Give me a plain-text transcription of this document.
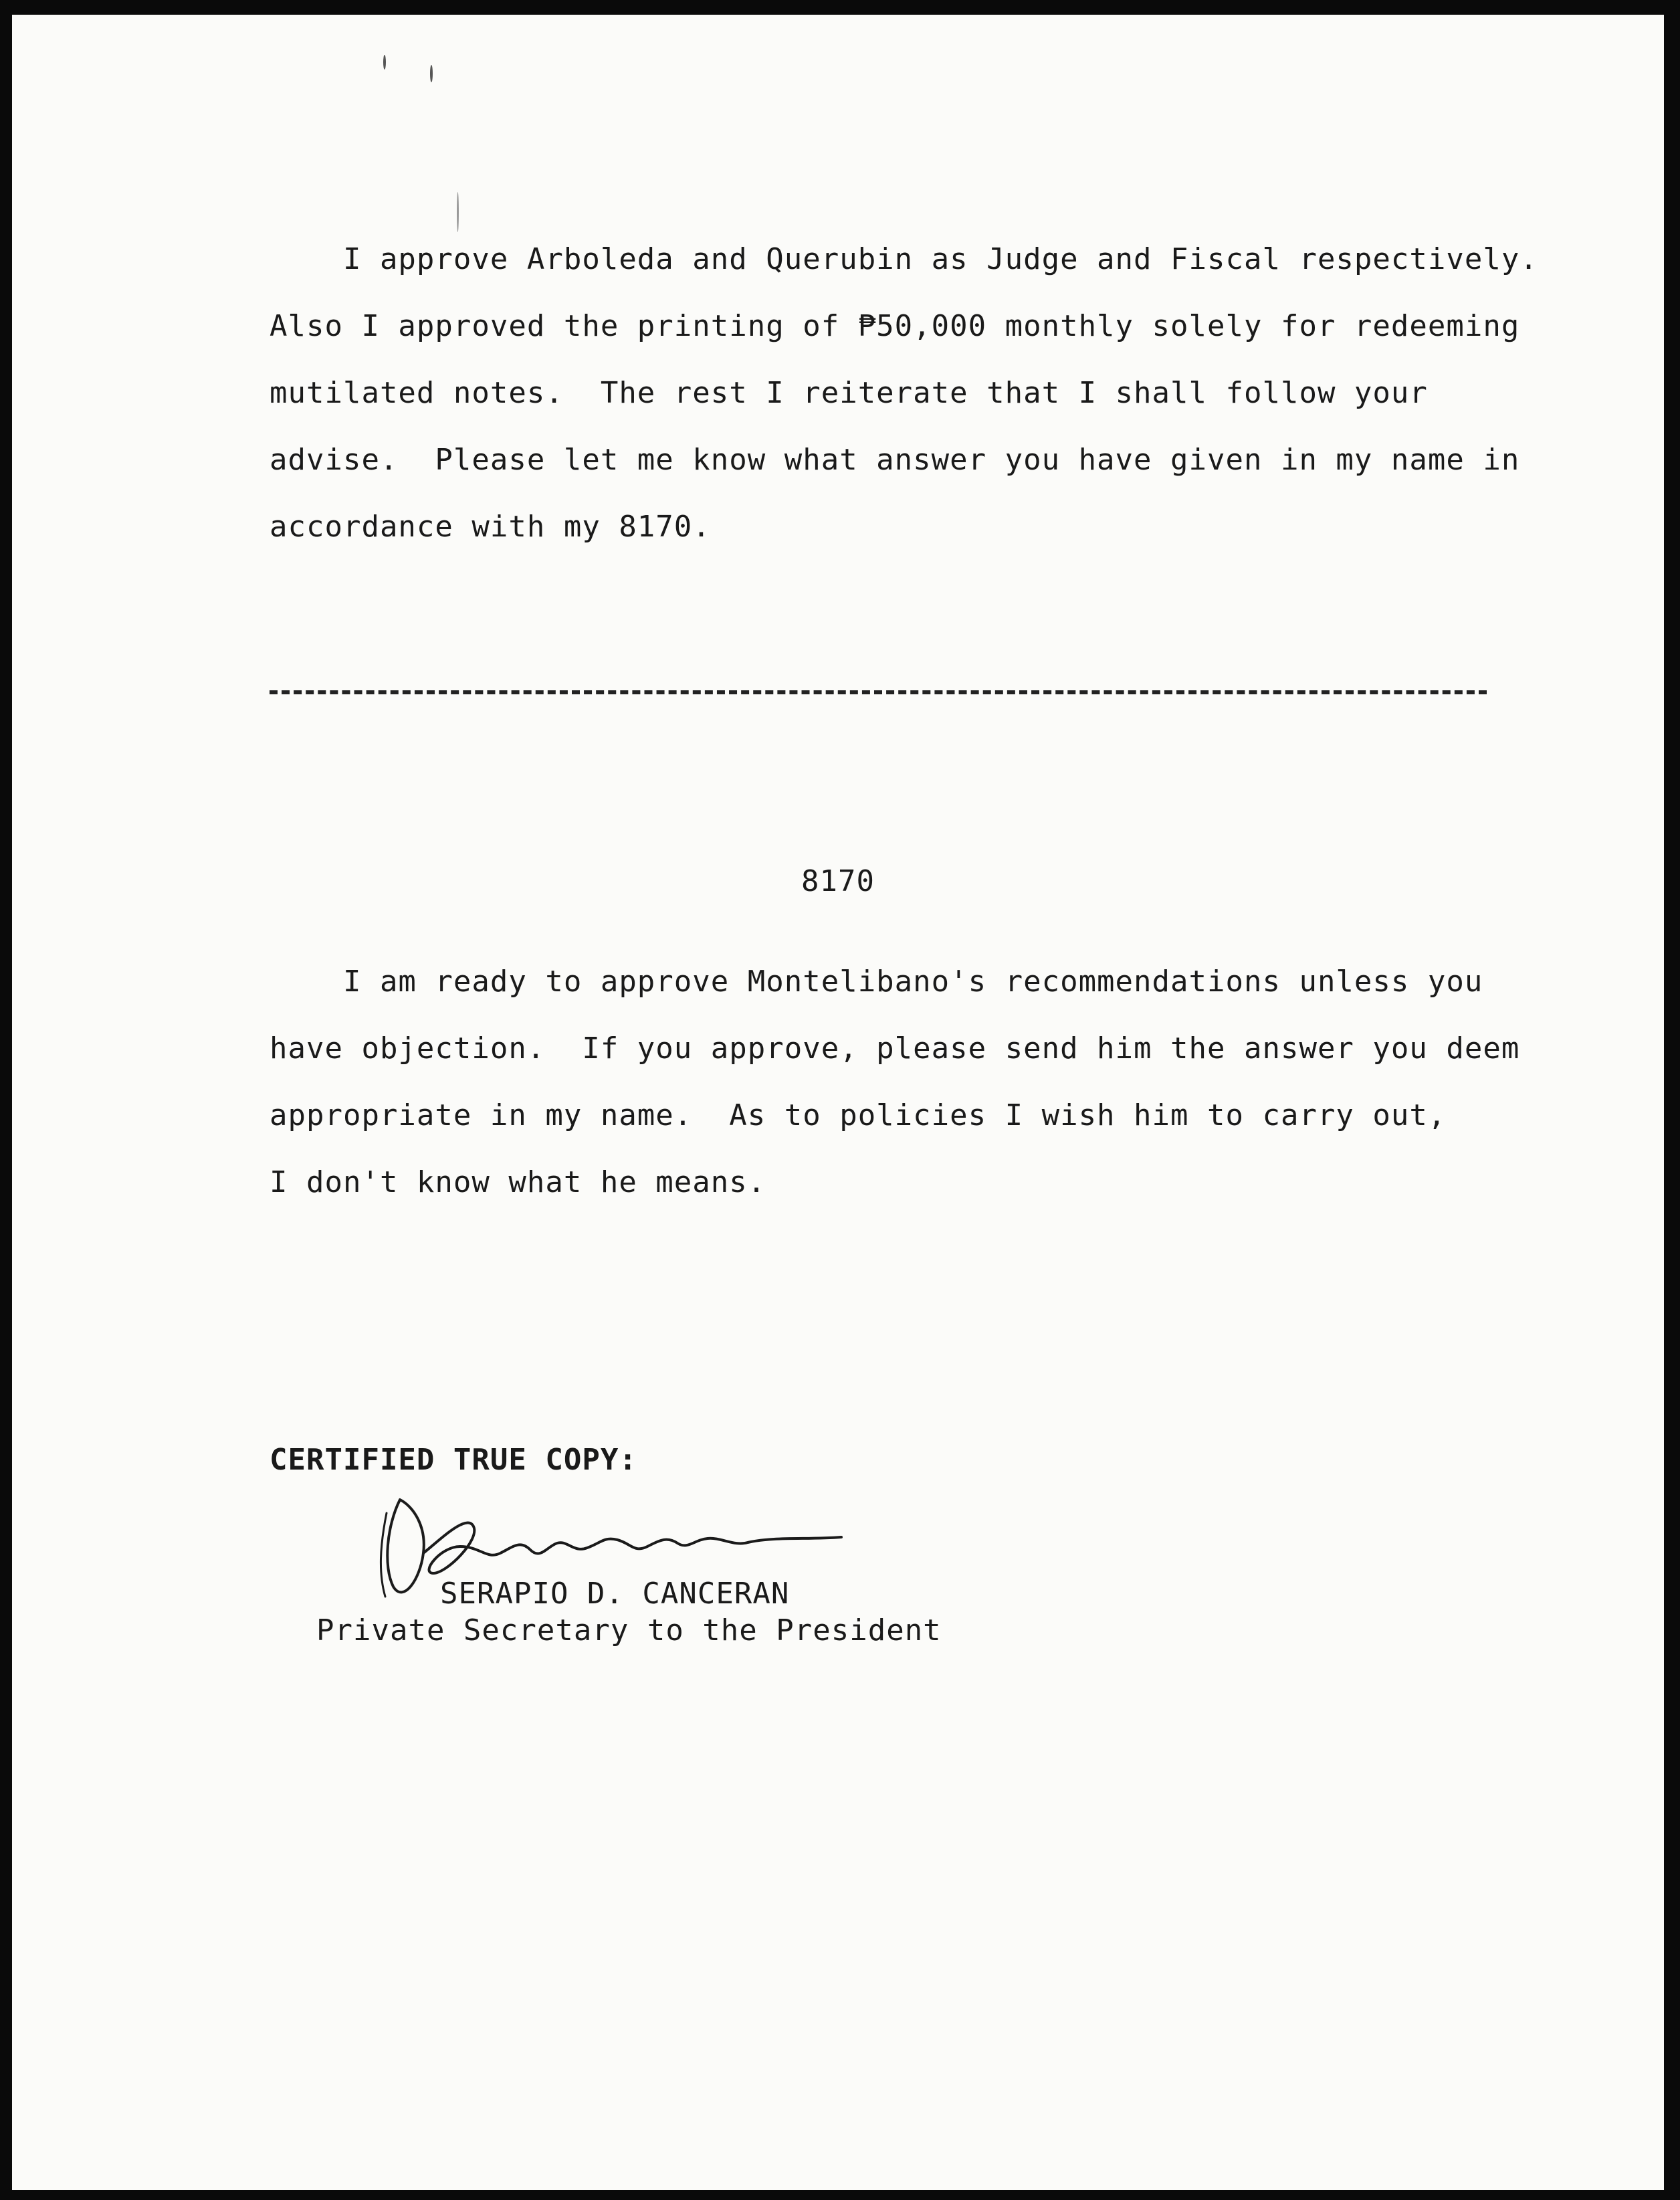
I approve Arboleda and Querubin as Judge and Fiscal respectively.

Also I approved the printing of ₱50,000 monthly solely for redeeming

mutilated notes.  The rest I reiterate that I shall follow your

advise.  Please let me know what answer you have given in my name in

accordance with my 8170.

8170

I am ready to approve Montelibano's recommendations unless you

have objection.  If you approve, please send him the answer you deem

appropriate in my name.  As to policies I wish him to carry out,

I don't know what he means.

CERTIFIED TRUE COPY:
SERAPIO D. CANCERAN
Private Secretary to the President
